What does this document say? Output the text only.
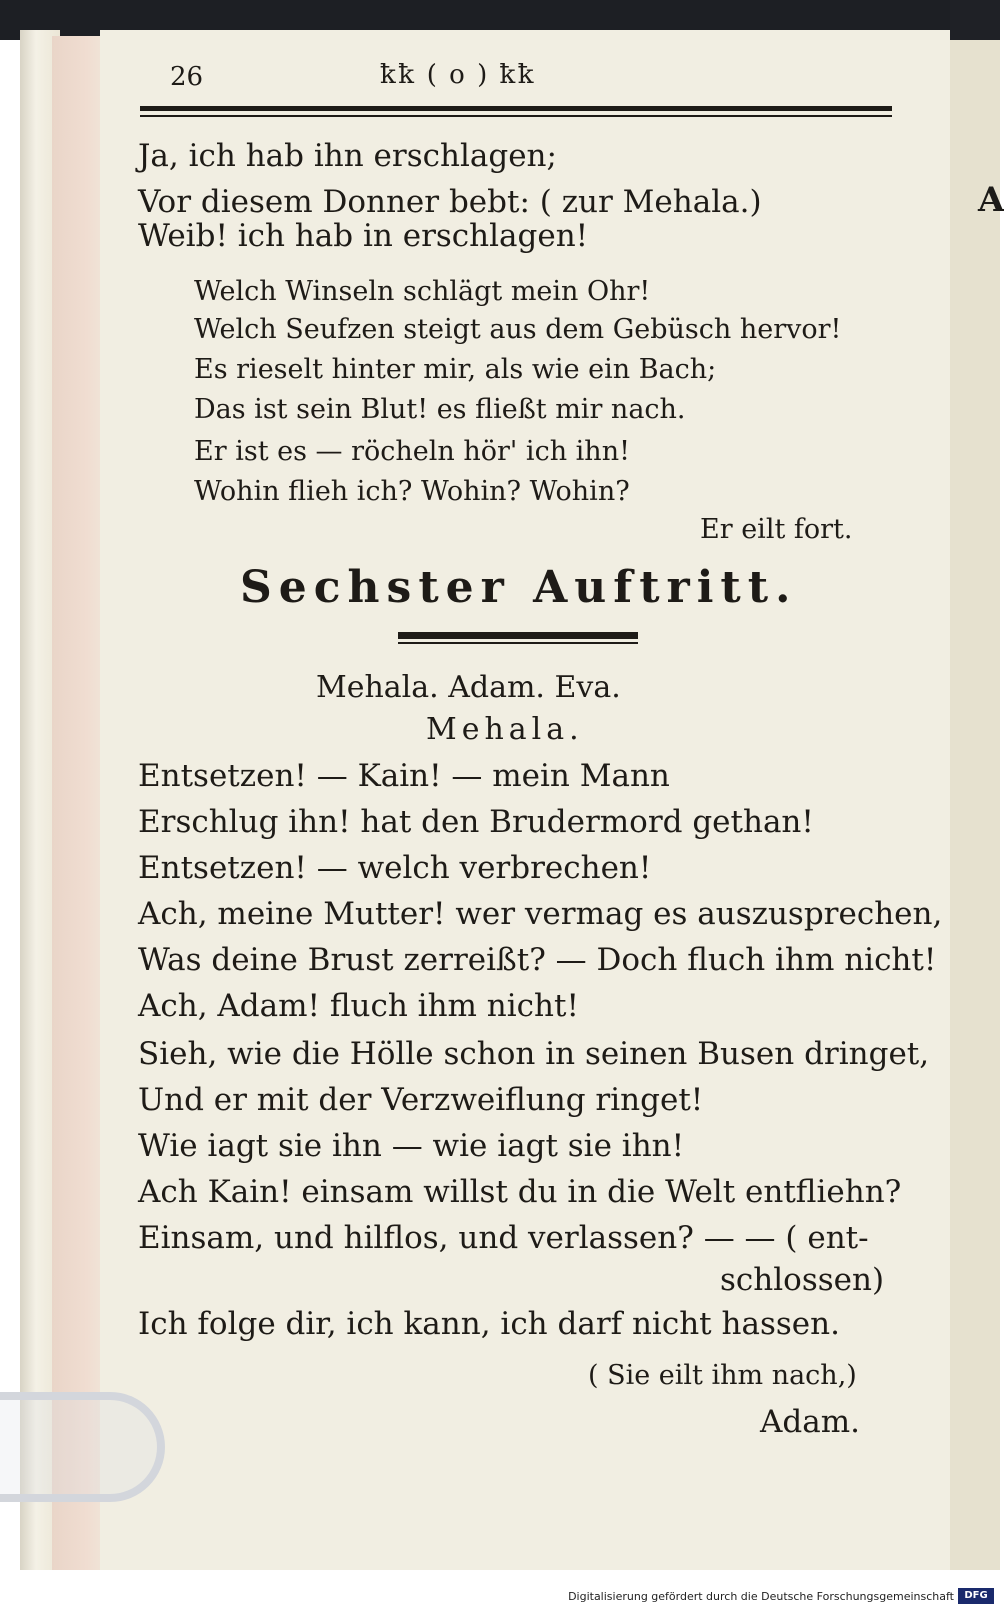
A
26	ꝁꝁ ( o ) ꝁꝁ
Ja, ich hab ihn erschlagen;
Vor diesem Donner bebt: ( zur Mehala.)
Weib! ich hab in erschlagen!
Welch Winseln schlägt mein Ohr!
Welch Seufzen steigt aus dem Gebüsch hervor!
Es rieselt hinter mir, als wie ein Bach;
Das ist sein Blut! es fließt mir nach.
Er ist es — röcheln hör' ich ihn!
Wohin flieh ich? Wohin? Wohin?
Er eilt fort.
Sechster Auftritt.
Mehala. Adam. Eva.
Mehala.
Entsetzen! — Kain! — mein Mann
Erschlug ihn! hat den Brudermord gethan!
Entsetzen! — welch verbrechen!
Ach, meine Mutter! wer vermag es auszusprechen,
Was deine Brust zerreißt? — Doch fluch ihm nicht!
Ach, Adam! fluch ihm nicht!
Sieh, wie die Hölle schon in seinen Busen dringet,
Und er mit der Verzweiflung ringet!
Wie iagt sie ihn — wie iagt sie ihn!
Ach Kain! einsam willst du in die Welt entfliehn?
Einsam, und hilflos, und verlassen? — — ( ent-
schlossen)
Ich folge dir, ich kann, ich darf nicht hassen.
( Sie eilt ihm nach,)
Adam.
Digitalisierung gefördert durch die Deutsche Forschungsgemeinschaft	DFG
